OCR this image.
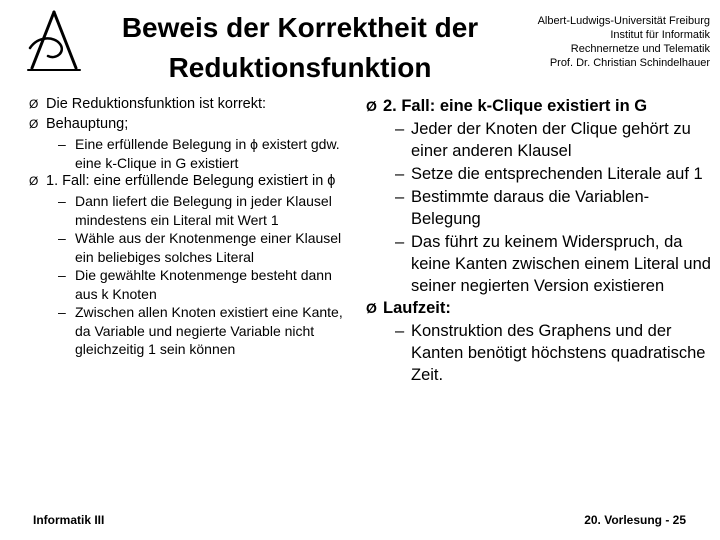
Beweis der Korrektheit der
Reduktionsfunktion
Albert-Ludwigs-Universität Freiburg
Institut für Informatik
Rechnernetze und Telematik
Prof. Dr. Christian Schindelhauer
Ø Die Reduktionsfunktion ist korrekt:
Ø Behauptung;
– Eine erfüllende Belegung in ϕ existert gdw. eine k-Clique in G existiert
Ø 1. Fall: eine erfüllende Belegung existiert in ϕ
– Dann liefert die Belegung in jeder Klausel mindestens ein Literal mit Wert 1
– Wähle aus der Knotenmenge einer Klausel ein beliebiges solches Literal
– Die gewählte Knotenmenge besteht dann aus k Knoten
– Zwischen allen Knoten existiert eine Kante, da Variable und negierte Variable nicht gleichzeitig 1 sein können
Ø 2. Fall: eine k-Clique existiert in G
– Jeder der Knoten der Clique gehört zu einer anderen Klausel
– Setze die entsprechenden Literale auf 1
– Bestimmte daraus die Variablen-Belegung
– Das führt zu keinem Widerspruch, da keine Kanten zwischen einem Literal und seiner negierten Version existieren
Ø Laufzeit:
– Konstruktion des Graphens und der Kanten benötigt höchstens quadratische Zeit.
Informatik III	20. Vorlesung - 25
